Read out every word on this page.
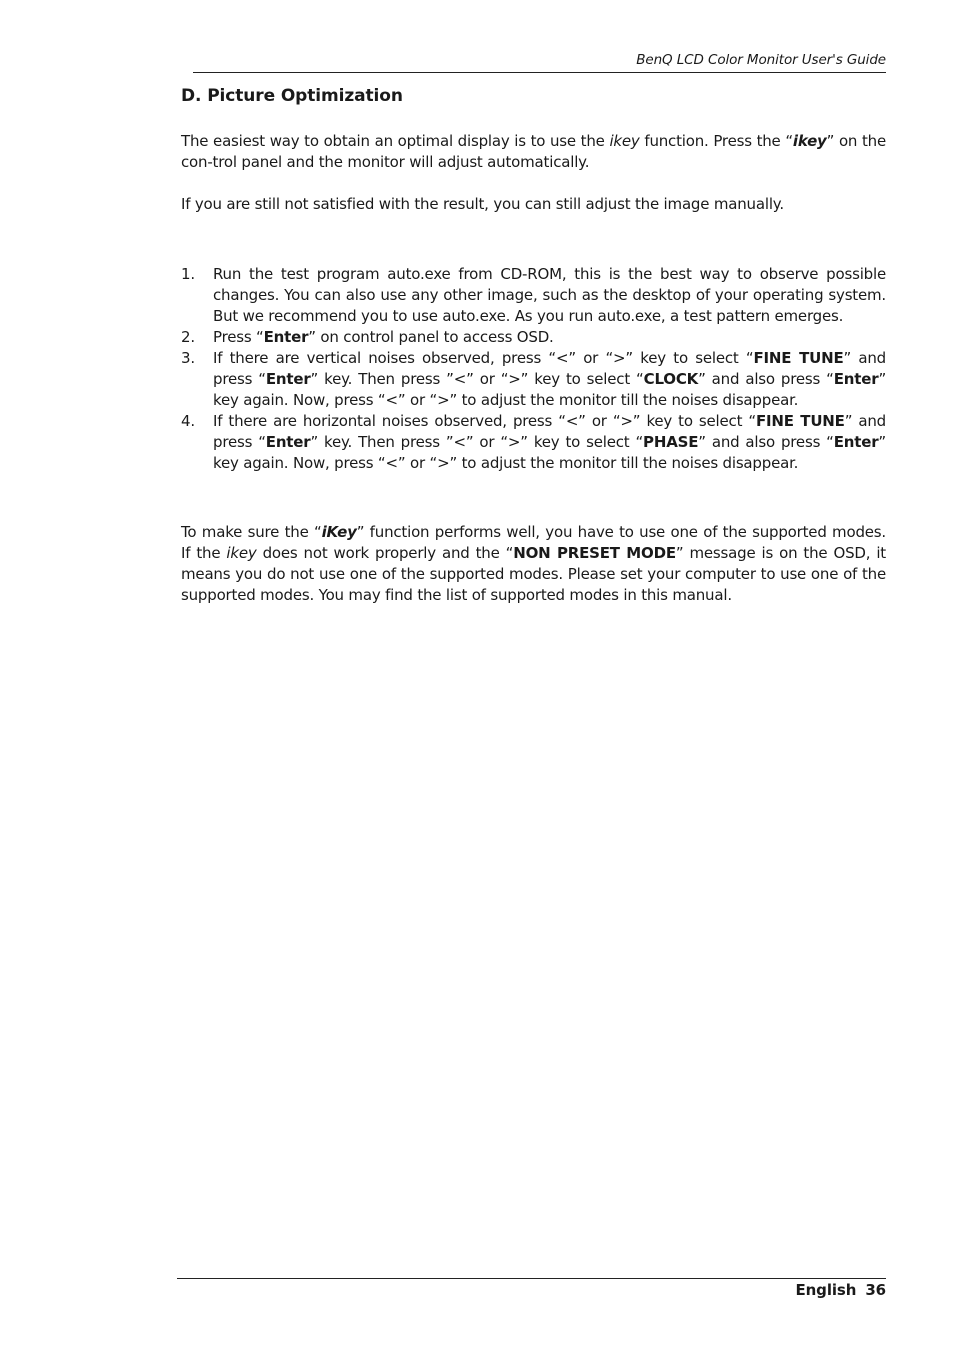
BenQ LCD Color Monitor User's Guide
D. Picture Optimization

The easiest way to obtain an optimal display is to use the ikey function. Press the “ikey” on the con-trol panel and the monitor will adjust automatically.

If you are still not satisfied with the result, you can still adjust the image manually.

1.	Run the test program auto.exe from CD-ROM, this is the best way to observe possible changes. You can also use any other image, such as the desktop of your operating system. But we recommend you to use auto.exe. As you run auto.exe, a test pattern emerges.
2.	Press “Enter” on control panel to access OSD.
3.	If there are vertical noises observed, press “<” or “>” key to select “FINE TUNE” and press “Enter” key. Then press ”<” or “>” key to select “CLOCK” and also press “Enter” key again. Now, press “<” or “>” to adjust the monitor till the noises disappear.
4.	If there are horizontal noises observed, press “<” or “>” key to select “FINE TUNE” and press “Enter” key. Then press ”<” or “>” key to select “PHASE” and also press “Enter” key again. Now, press “<” or “>” to adjust the monitor till the noises disappear.

To make sure the “iKey” function performs well, you have to use one of the supported modes. If the ikey does not work properly and the “NON PRESET MODE” message is on the OSD, it means you do not use one of the supported modes. Please set your computer to use one of the supported modes. You may find the list of supported modes in this manual.

English 36
